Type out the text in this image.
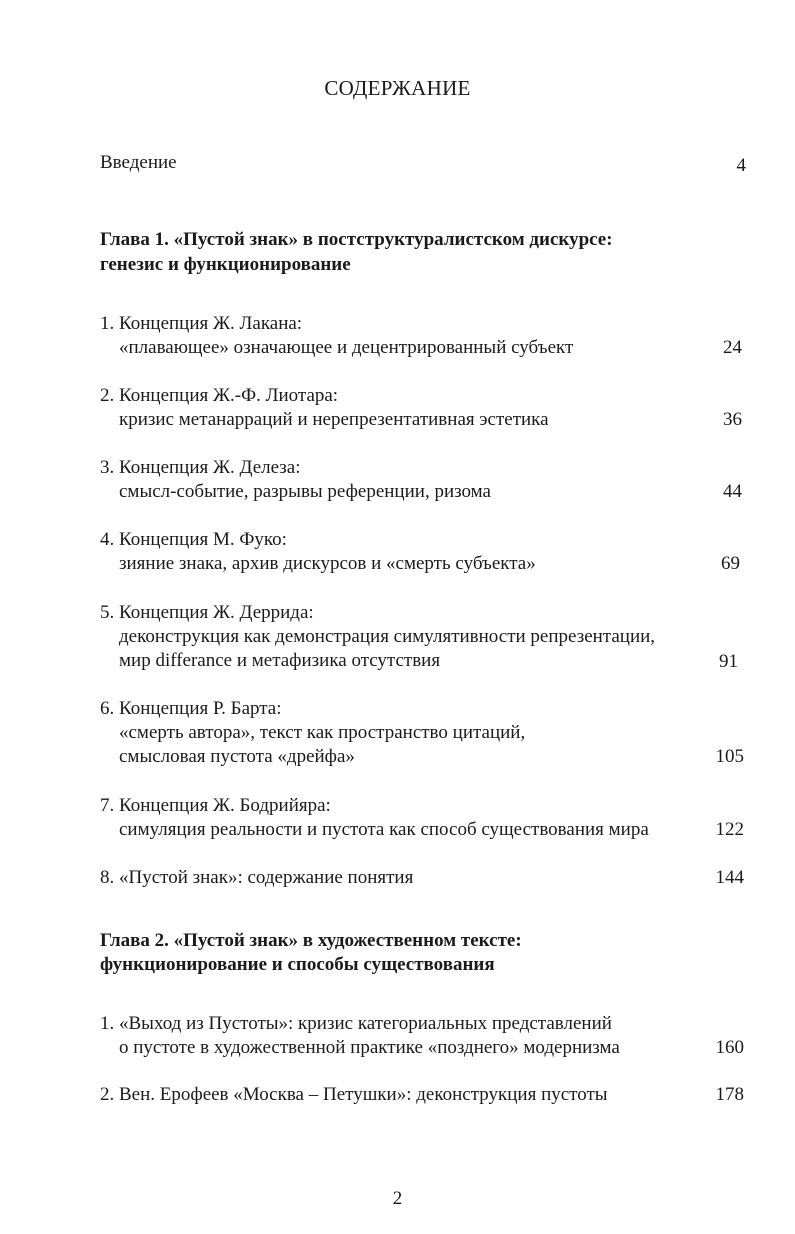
СОДЕРЖАНИЕ
Введение	4
Глава 1. «Пустой знак» в постструктуралистском дискурсе:
генезис и функционирование
1. Концепция Ж. Лакана:
«плавающее» означающее и децентрированный субъект	24
2. Концепция Ж.-Ф. Лиотара:
кризис метанарраций и нерепрезентативная эстетика	36
3. Концепция Ж. Делеза:
смысл-событие, разрывы референции, ризома	44
4. Концепция М. Фуко:
зияние знака, архив дискурсов и «смерть субъекта»	69
5. Концепция Ж. Деррида:
деконструкция как демонстрация симулятивности репрезентации,
мир differance и метафизика отсутствия	91
6. Концепция Р. Барта:
«смерть автора», текст как пространство цитаций,
смысловая пустота «дрейфа»	105
7. Концепция Ж. Бодрийяра:
симуляция реальности и пустота как способ существования мира	122
8. «Пустой знак»: содержание понятия	144
Глава 2. «Пустой знак» в художественном тексте:
функционирование и способы существования
1. «Выход из Пустоты»: кризис категориальных представлений
о пустоте в художественной практике «позднего» модернизма	160
2. Вен. Ерофеев «Москва – Петушки»: деконструкция пустоты	178
2
